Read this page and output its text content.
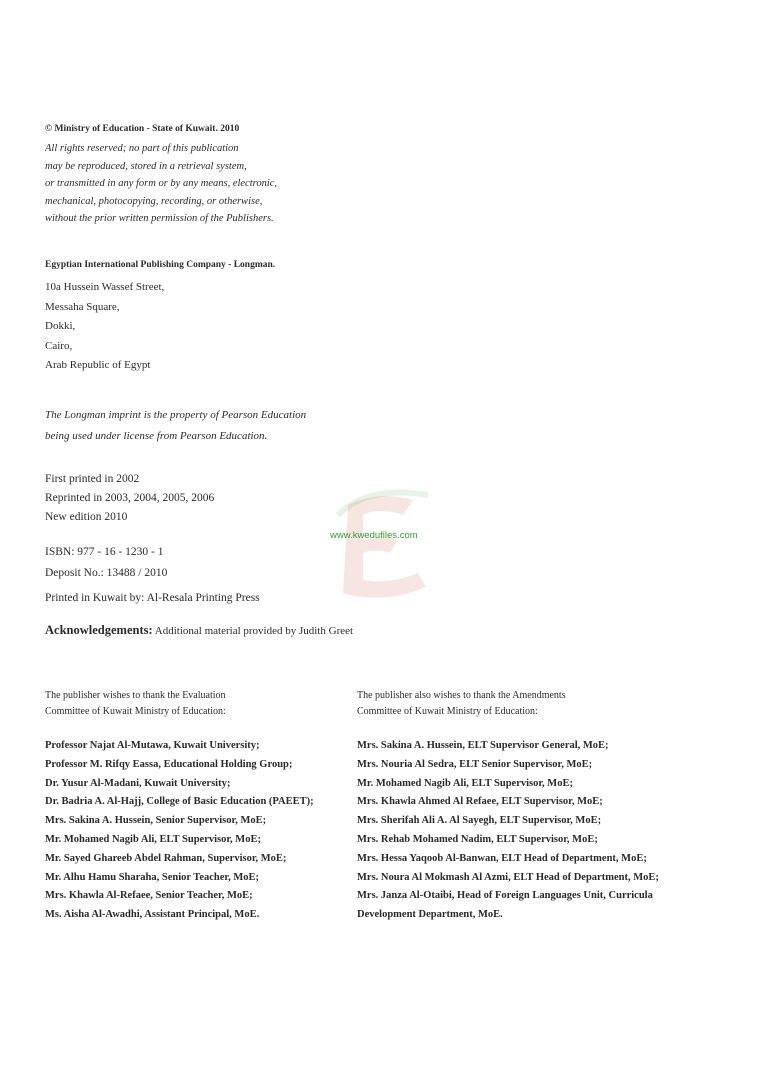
www.kwedufiles.com
© Ministry of Education - State of Kuwait. 2010
All rights reserved; no part of this publication
may be reproduced, stored in a retrieval system,
or transmitted in any form or by any means, electronic,
mechanical, photocopying, recording, or otherwise,
without the prior written permission of the Publishers.
Egyptian International Publishing Company - Longman.
10a Hussein Wassef Street,
Messaha Square,
Dokki,
Cairo,
Arab Republic of Egypt
The Longman imprint is the property of Pearson Education
being used under license from Pearson Education.
First printed in 2002
Reprinted in 2003, 2004, 2005, 2006
New edition 2010
ISBN: 977 - 16 - 1230 - 1
Deposit No.: 13488 / 2010
Printed in Kuwait by: Al-Resala Printing Press
Acknowledgements: Additional material provided by Judith Greet
The publisher wishes to thank the Evaluation
Committee of Kuwait Ministry of Education:
Professor Najat Al-Mutawa, Kuwait University;
Professor M. Rifqy Eassa, Educational Holding Group;
Dr. Yusur Al-Madani, Kuwait University;
Dr. Badria A. Al-Hajj, College of Basic Education (PAEET);
Mrs. Sakina A. Hussein, Senior Supervisor, MoE;
Mr. Mohamed Nagib Ali, ELT Supervisor, MoE;
Mr. Sayed Ghareeb Abdel Rahman, Supervisor, MoE;
Mr. Alhu Hamu Sharaha, Senior Teacher, MoE;
Mrs. Khawla Al-Refaee, Senior Teacher, MoE;
Ms. Aisha Al-Awadhi, Assistant Principal, MoE.
The publisher also wishes to thank the Amendments
Committee of Kuwait Ministry of Education:
Mrs. Sakina A. Hussein, ELT Supervisor General, MoE;
Mrs. Nouria Al Sedra, ELT Senior Supervisor, MoE;
Mr. Mohamed Nagib Ali, ELT Supervisor, MoE;
Mrs. Khawla Ahmed Al Refaee, ELT Supervisor, MoE;
Mrs. Sherifah Ali A. Al Sayegh, ELT Supervisor, MoE;
Mrs. Rehab Mohamed Nadim, ELT Supervisor, MoE;
Mrs. Hessa Yaqoob Al-Banwan, ELT Head of Department, MoE;
Mrs. Noura Al Mokmash Al Azmi, ELT Head of Department, MoE;
Mrs. Janza Al-Otaibi, Head of Foreign Languages Unit, Curricula
Development Department, MoE.
